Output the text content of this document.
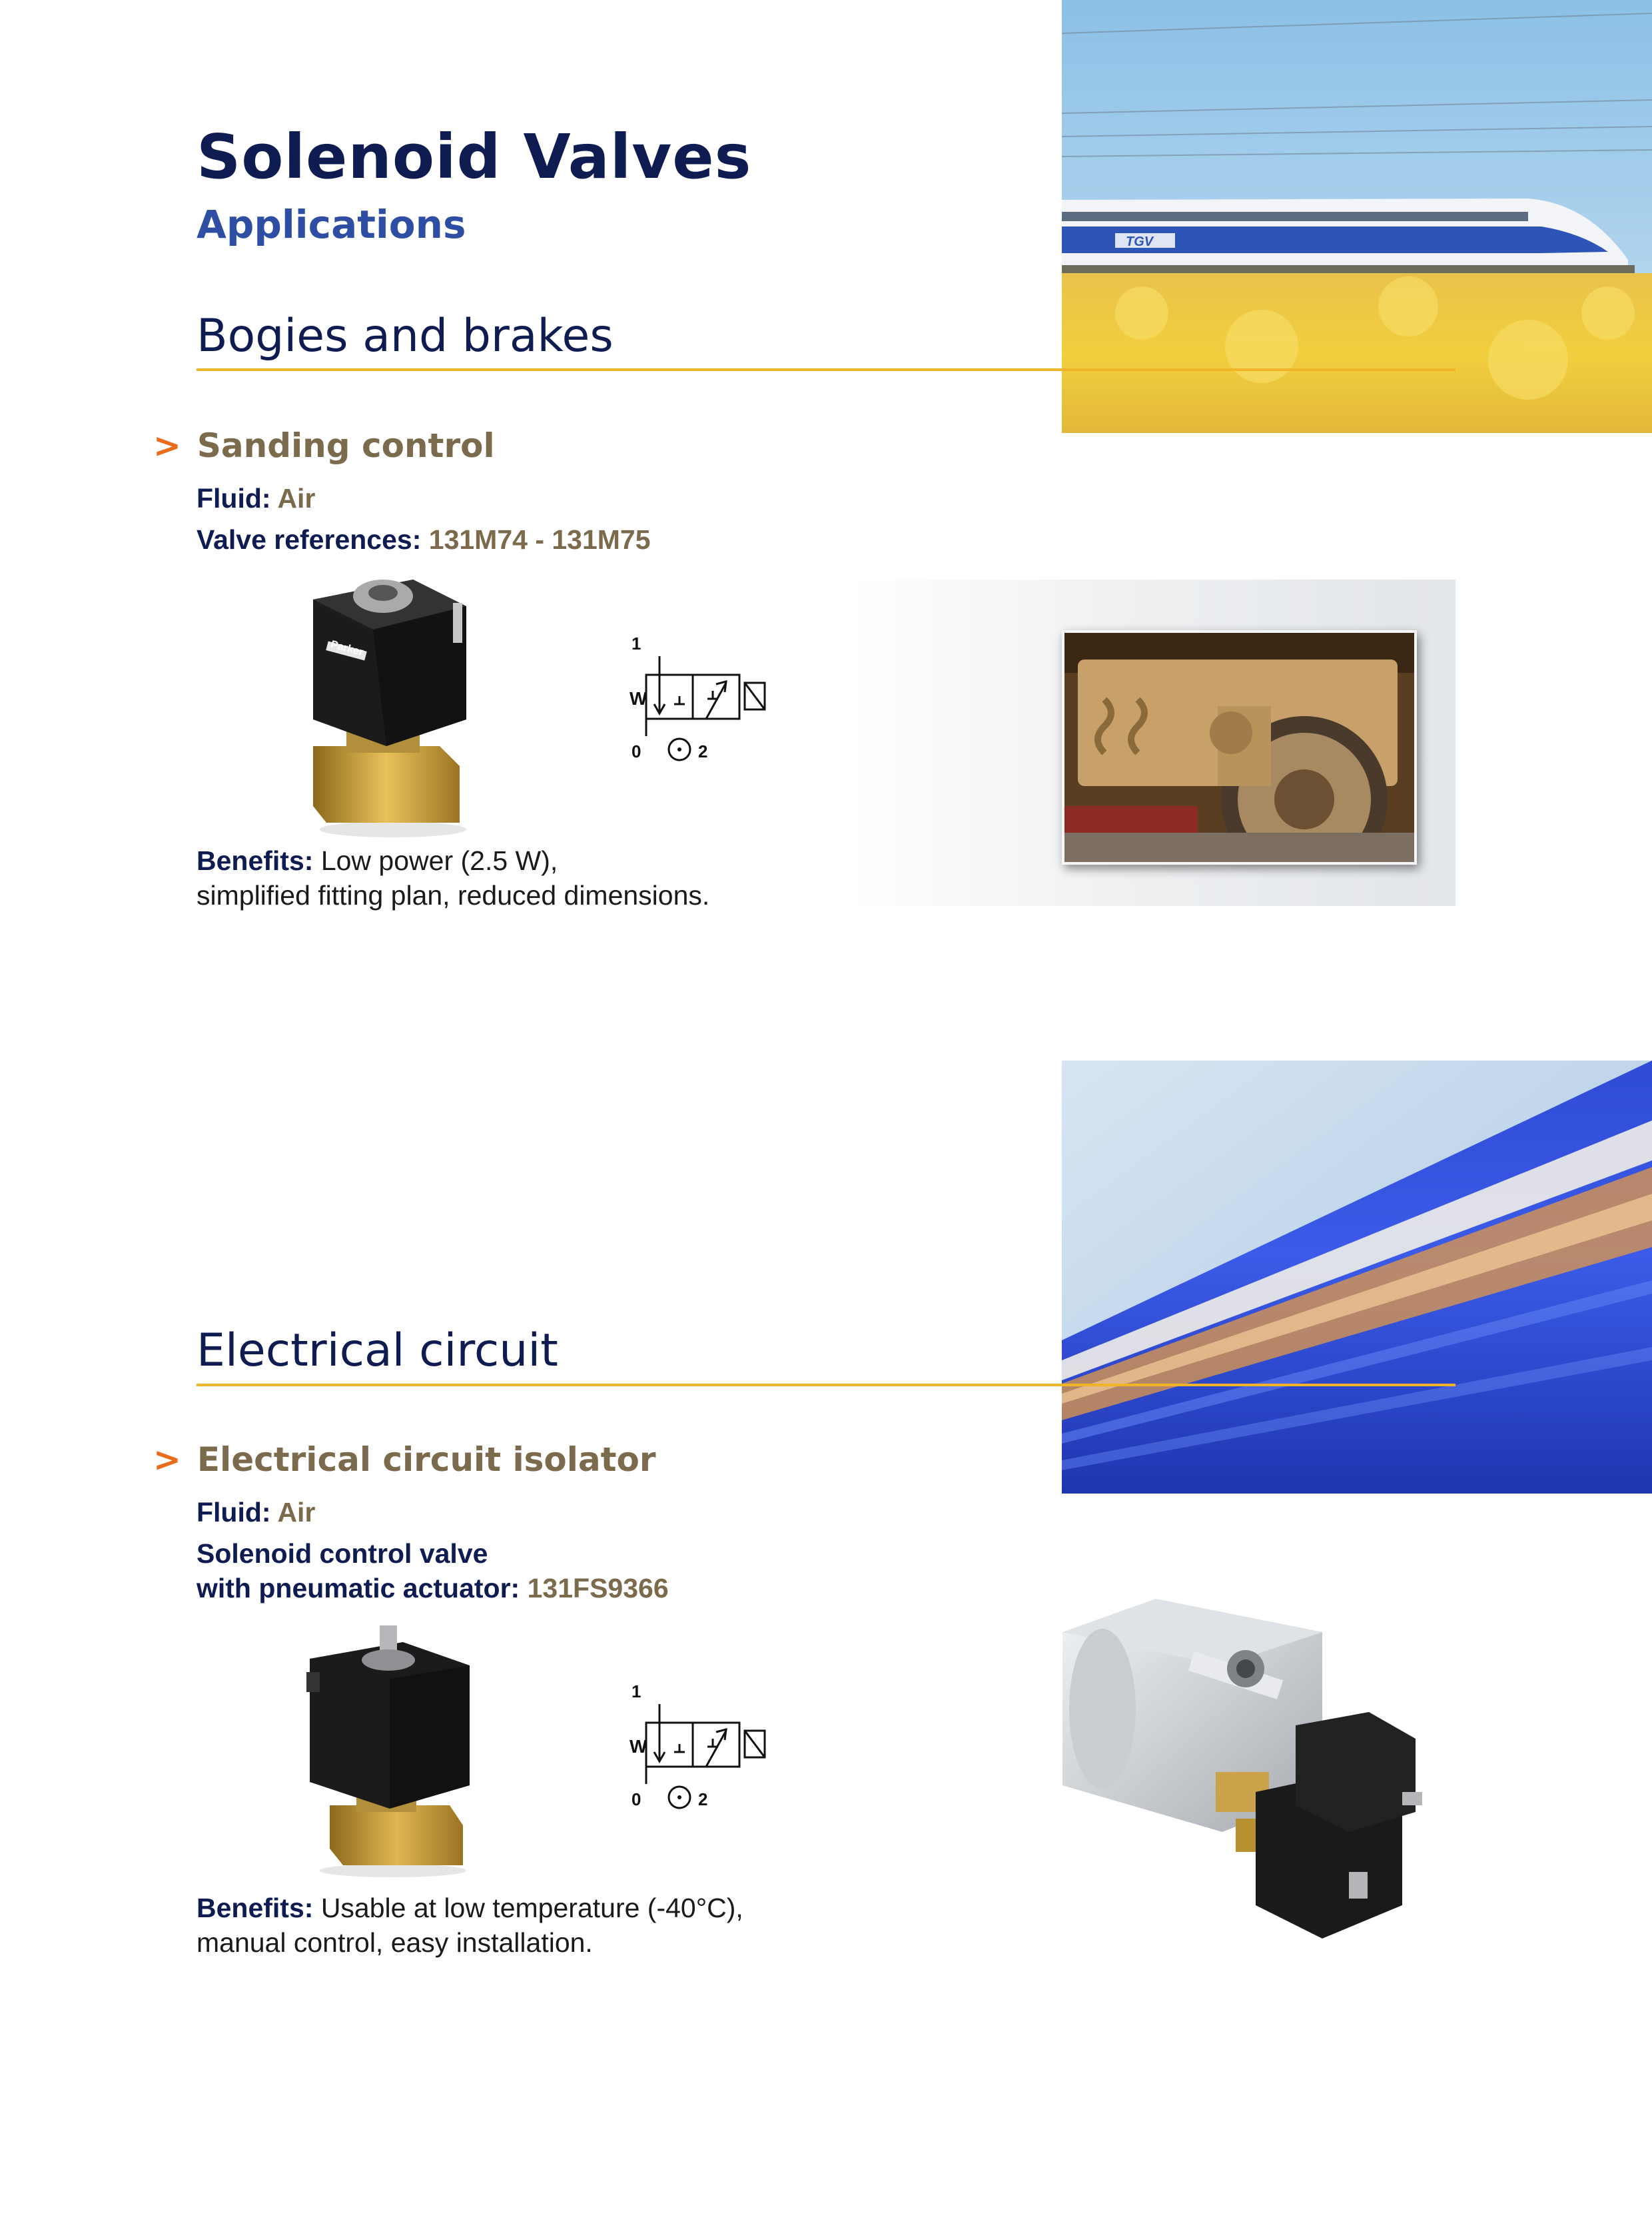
Solenoid Valves
Applications	TGV
Bogies and brakes
> Sanding control
Fluid: Air
Valve references: 131M74 - 131M75
Parker	1
0	2
W
Benefits: Low power (2.5 W),
simplified fitting plan, reduced dimensions.
Electrical circuit
> Electrical circuit isolator
Fluid: Air
Solenoid control valve
with pneumatic actuator: 131FS9366
1
0	2
W
Benefits: Usable at low temperature (-40°C),
manual control, easy installation.
